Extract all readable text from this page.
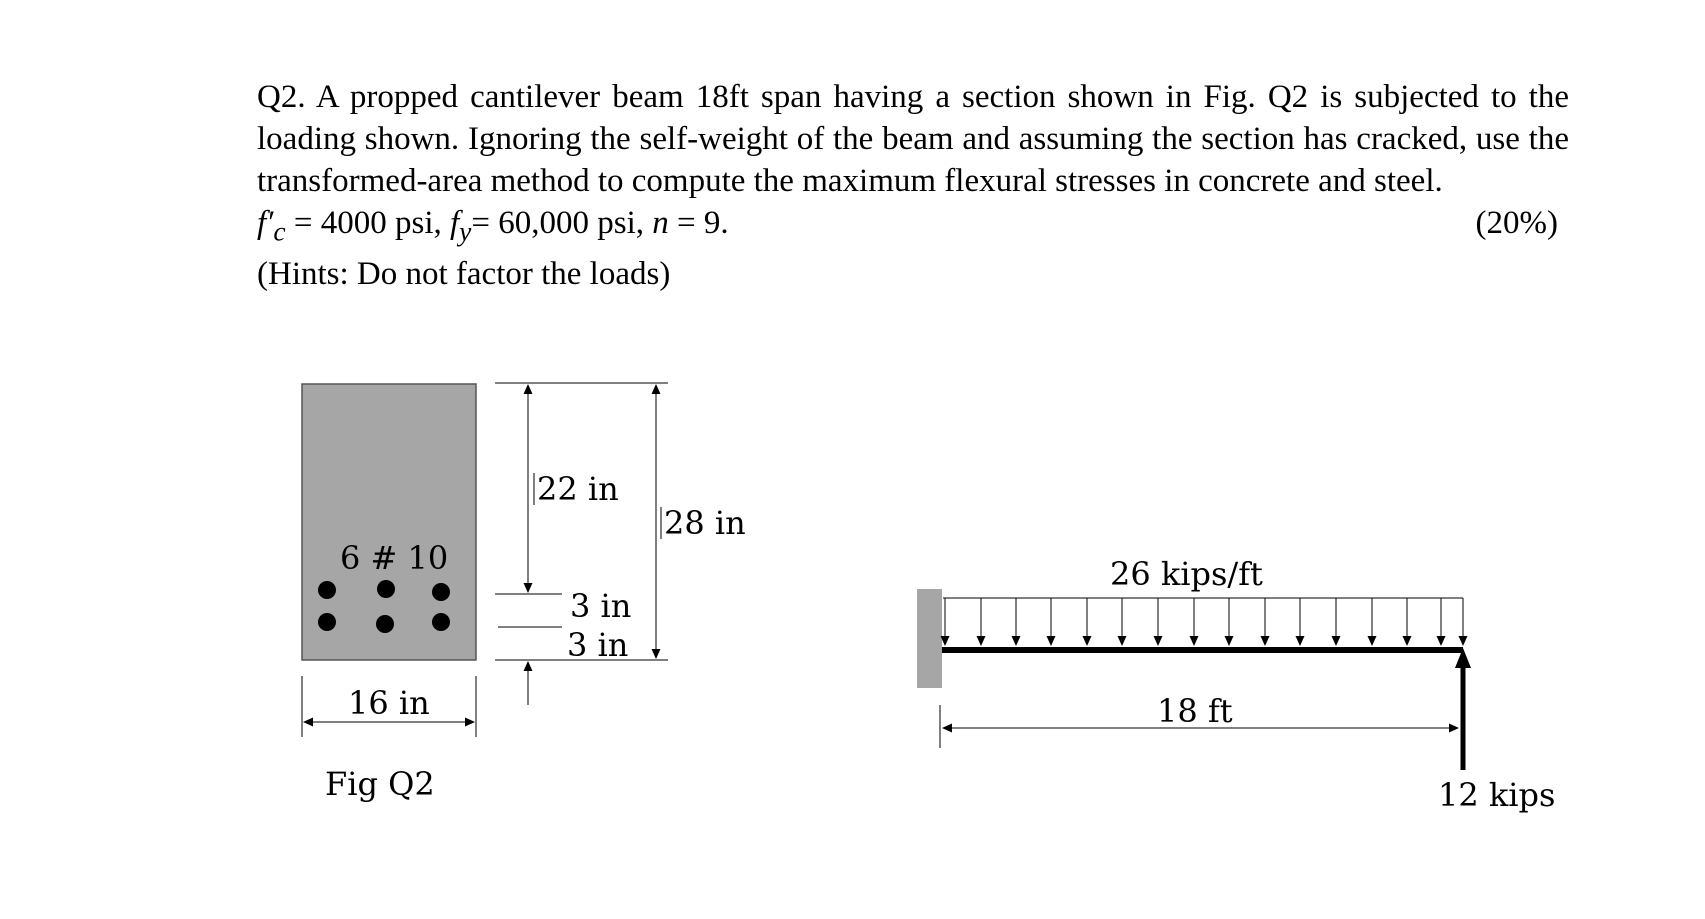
Q2. A propped cantilever beam 18ft span having a section shown in Fig. Q2 is subjected to the loading shown. Ignoring the self-weight of the beam and assuming the section has cracked, use the transformed-area method to compute the maximum flexural stresses in concrete and steel.

$f'_c = 4000$ psi, $f_y= 60,000$ psi, n = 9.	(20%)

(Hints: Do not factor the loads)

6 # 10
22 in
28 in
3 in
3 in
16 in
Fig Q2
26 kips/ft
12 kips
18 ft
